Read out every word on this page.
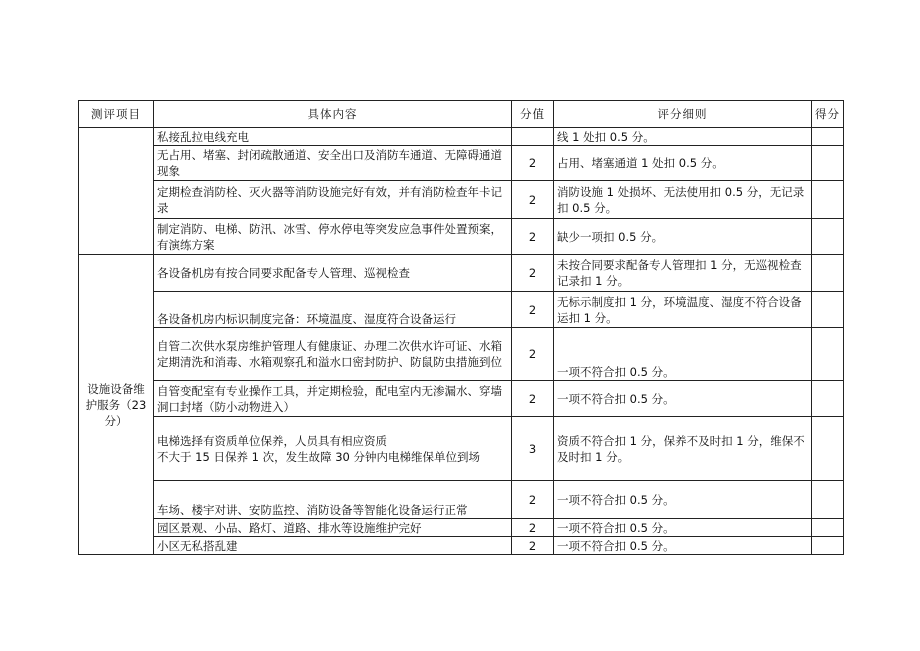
测评项目	具体内容	分值	评分细则	得分
	私接乱拉电线充电		线 1 处扣 0.5 分。	
	无占用、堵塞、封闭疏散通道、安全出口及消防车通道、无障碍通道现象	2	占用、堵塞通道 1 处扣 0.5 分。	
	定期检查消防栓、灭火器等消防设施完好有效，并有消防检查年卡记录	2	消防设施 1 处损坏、无法使用扣 0.5 分，无记录扣 0.5 分。	
	制定消防、电梯、防汛、冰雪、停水停电等突发应急事件处置预案，有演练方案	2	缺少一项扣 0.5 分。	
设施设备维护服务（23 分）	各设备机房有按合同要求配备专人管理、巡视检查	2	未按合同要求配备专人管理扣 1 分，无巡视检查记录扣 1 分。	
	各设备机房内标识制度完备：环境温度、湿度符合设备运行	2	无标示制度扣 1 分，环境温度、湿度不符合设备运扣 1 分。	
	自管二次供水泵房维护管理人有健康证、办理二次供水许可证、水箱定期清洗和消毒、水箱观察孔和溢水口密封防护、防鼠防虫措施到位	2	一项不符合扣 0.5 分。	
	自管变配室有专业操作工具，并定期检验，配电室内无渗漏水、穿墙洞口封堵（防小动物进入）	2	一项不符合扣 0.5 分。	

	电梯选择有资质单位保养，人员具有相应资质
不大于 15 日保养 1 次，发生故障 30 分钟内电梯维保单位到场	3	资质不符合扣 1 分，保养不及时扣 1 分，维保不及时扣 1 分。	
	车场、楼宇对讲、安防监控、消防设备等智能化设备运行正常	2	一项不符合扣 0.5 分。	
	园区景观、小品、路灯、道路、排水等设施维护完好	2	一项不符合扣 0.5 分。	
	小区无私搭乱建	2	一项不符合扣 0.5 分。	
